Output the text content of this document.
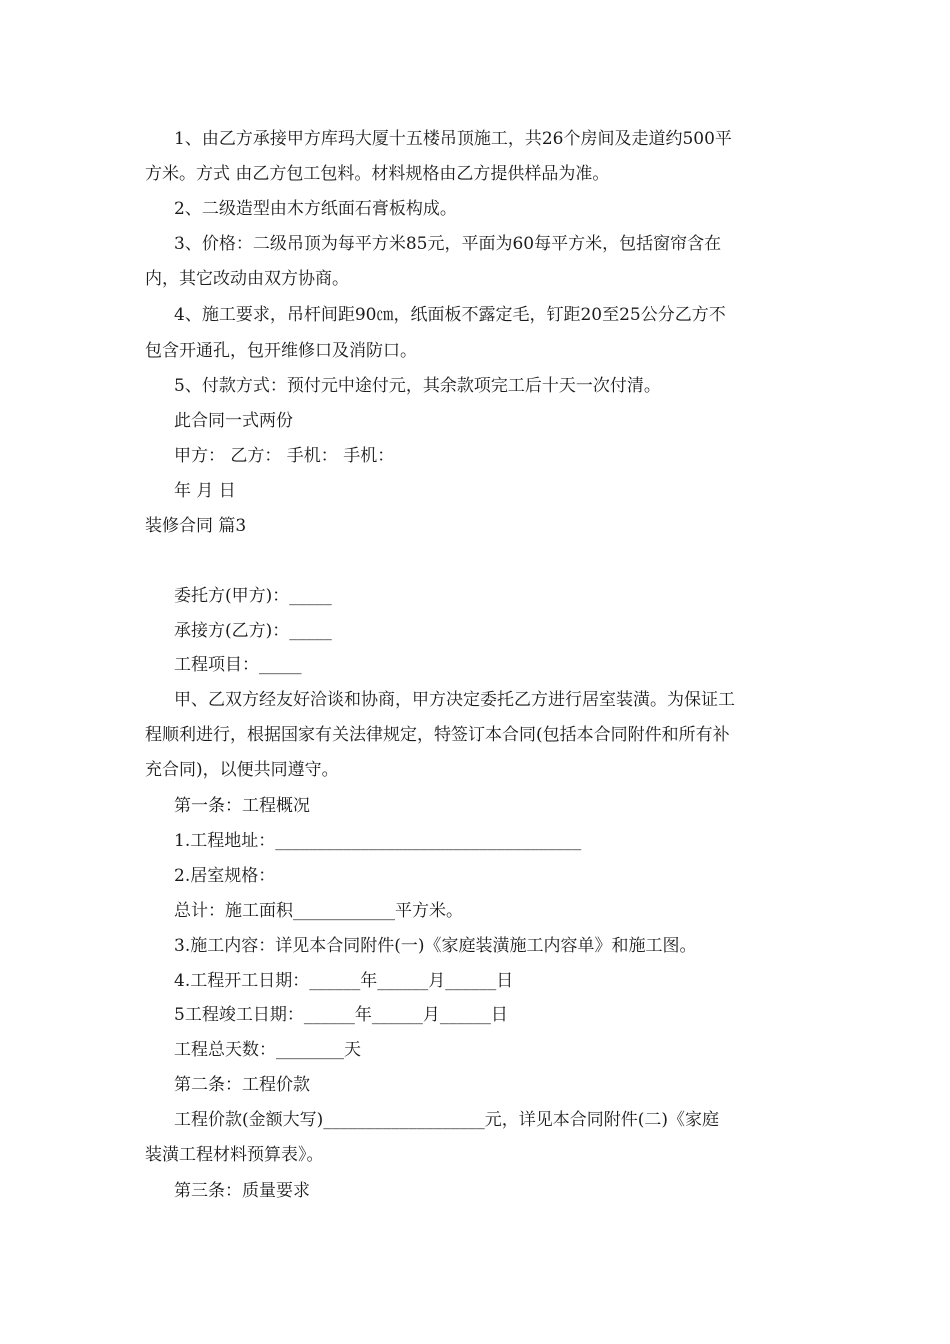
1、由乙方承接甲方库玛大厦十五楼吊顶施工，共26个房间及走道约500平
方米。方式 由乙方包工包料。材料规格由乙方提供样品为准。
2、二级造型由木方纸面石膏板构成。
3、价格：二级吊顶为每平方米85元，平面为60每平方米，包括窗帘含在
内，其它改动由双方协商。
4、施工要求，吊杆间距90㎝，纸面板不露定毛，钉距20至25公分乙方不
包含开通孔，包开维修口及消防口。
5、付款方式：预付元中途付元，其余款项完工后十天一次付清。
此合同一式两份
甲方： 乙方： 手机： 手机：
年 月 日
装修合同 篇3
委托方(甲方)：_____
承接方(乙方)：_____
工程项目：_____
甲、乙双方经友好洽谈和协商，甲方决定委托乙方进行居室装潢。为保证工
程顺利进行，根据国家有关法律规定，特签订本合同(包括本合同附件和所有补
充合同)，以便共同遵守。
第一条：工程概况
1.工程地址：____________________________________
2.居室规格：
总计：施工面积____________平方米。
3.施工内容：详见本合同附件(一)《家庭装潢施工内容单》和施工图。
4.工程开工日期：______年______月______日
5工程竣工日期：______年______月______日
工程总天数：________天
第二条：工程价款
工程价款(金额大写)___________________元，详见本合同附件(二)《家庭
装潢工程材料预算表》。
第三条：质量要求
